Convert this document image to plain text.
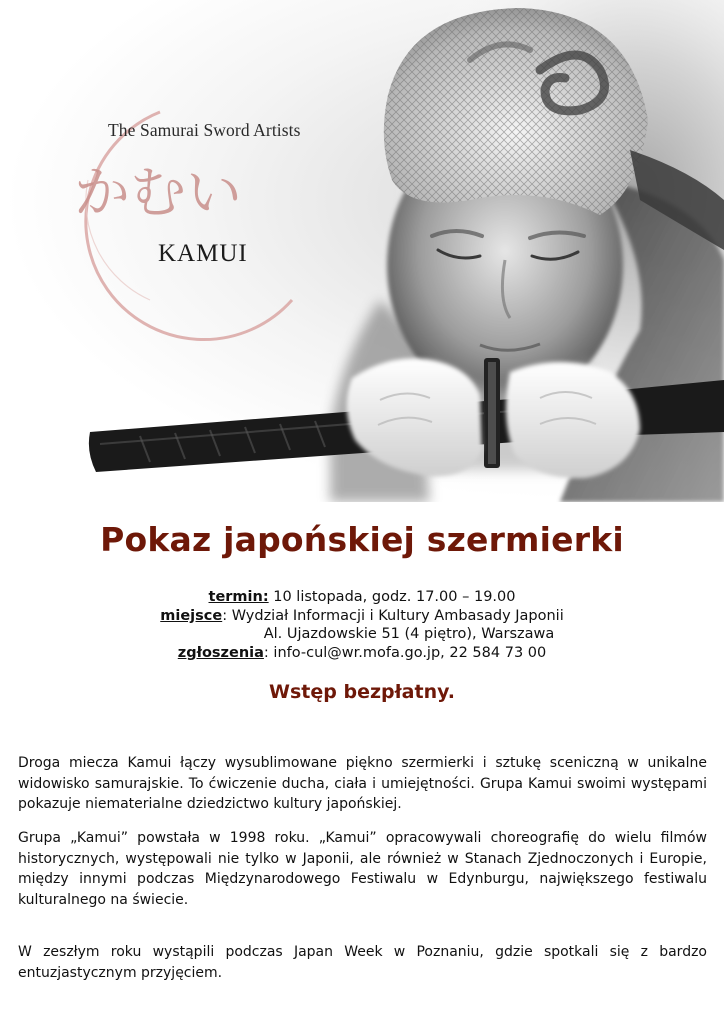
かむい
The Samurai Sword Artists
KAMUI
Pokaz japońskiej szermierki
termin: 10 listopada, godz. 17.00 – 19.00
miejsce: Wydział Informacji i Kultury Ambasady Japonii
Al. Ujazdowskie 51 (4 piętro), Warszawa
zgłoszenia: info-cul@wr.mofa.go.jp, 22 584 73 00
Wstęp bezpłatny.

Droga miecza Kamui łączy wysublimowane piękno szermierki i sztukę sceniczną w unikalne widowisko samurajskie. To ćwiczenie ducha, ciała i umiejętności. Grupa Kamui swoimi występami pokazuje niematerialne dziedzictwo kultury japońskiej.

Grupa „Kamui” powstała w 1998 roku. „Kamui” opracowywali choreografię do wielu filmów historycznych, występowali nie tylko w Japonii, ale również w Stanach Zjednoczonych i Europie, między innymi podczas Międzynarodowego Festiwalu w Edynburgu, największego festiwalu kulturalnego na świecie.

W zeszłym roku wystąpili podczas Japan Week w Poznaniu, gdzie spotkali się z bardzo entuzjastycznym przyjęciem.
